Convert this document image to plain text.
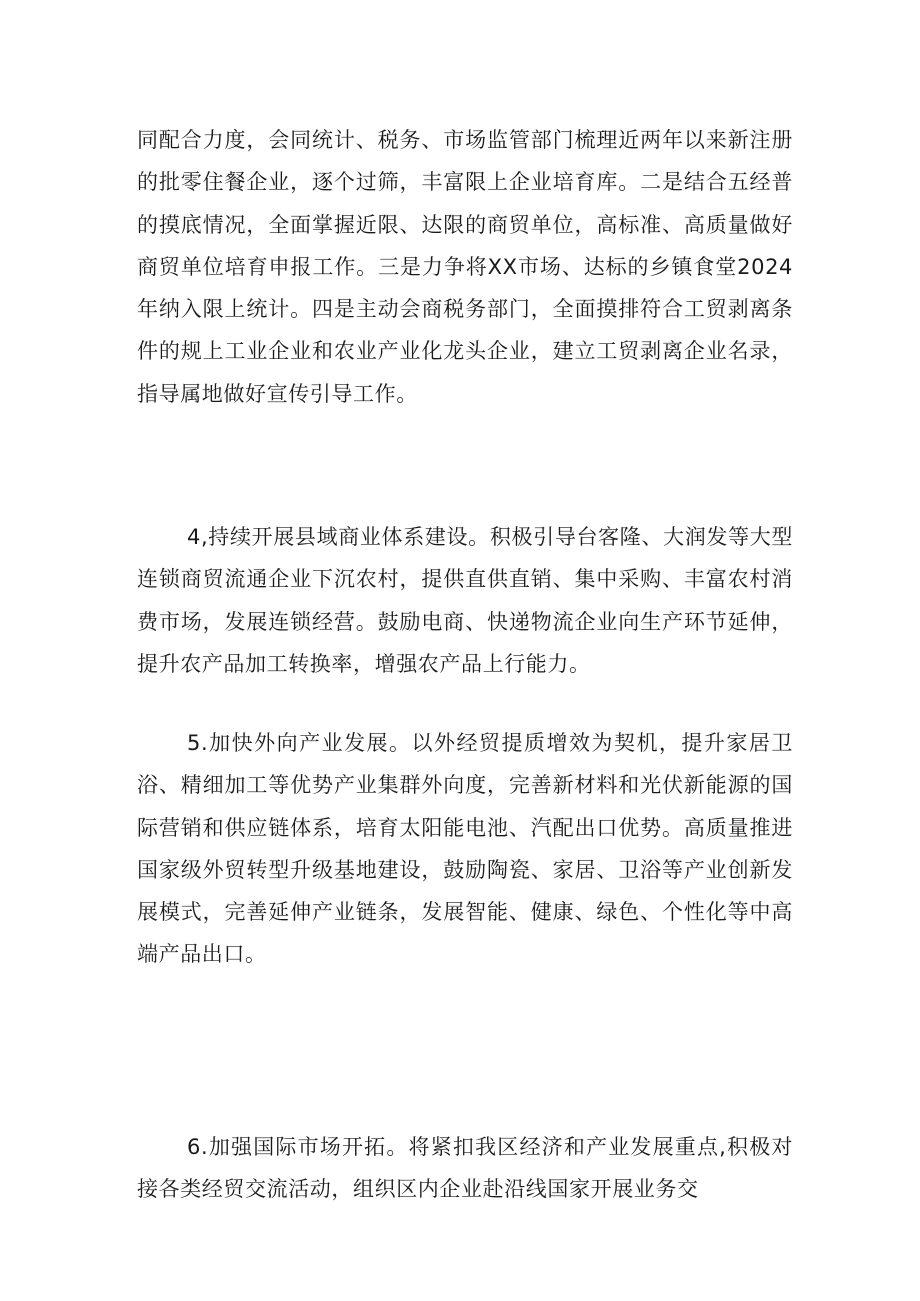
同配合力度，会同统计、税务、市场监管部门梳理近两年以来新注册的批零住餐企业，逐个过筛，丰富限上企业培育库。二是结合五经普的摸底情况，全面掌握近限、达限的商贸单位，高标准、高质量做好商贸单位培育申报工作。三是力争将XX市场、达标的乡镇食堂2024年纳入限上统计。四是主动会商税务部门，全面摸排符合工贸剥离条件的规上工业企业和农业产业化龙头企业，建立工贸剥离企业名录，指导属地做好宣传引导工作。

4,持续开展县域商业体系建设。积极引导台客隆、大润发等大型连锁商贸流通企业下沉农村，提供直供直销、集中采购、丰富农村消费市场，发展连锁经营。鼓励电商、快递物流企业向生产环节延伸，提升农产品加工转换率，增强农产品上行能力。

5.加快外向产业发展。以外经贸提质增效为契机，提升家居卫浴、精细加工等优势产业集群外向度，完善新材料和光伏新能源的国际营销和供应链体系，培育太阳能电池、汽配出口优势。高质量推进国家级外贸转型升级基地建设，鼓励陶瓷、家居、卫浴等产业创新发展模式，完善延伸产业链条，发展智能、健康、绿色、个性化等中高端产品出口。

6.加强国际市场开拓。将紧扣我区经济和产业发展重点,积极对接各类经贸交流活动，组织区内企业赴沿线国家开展业务交
